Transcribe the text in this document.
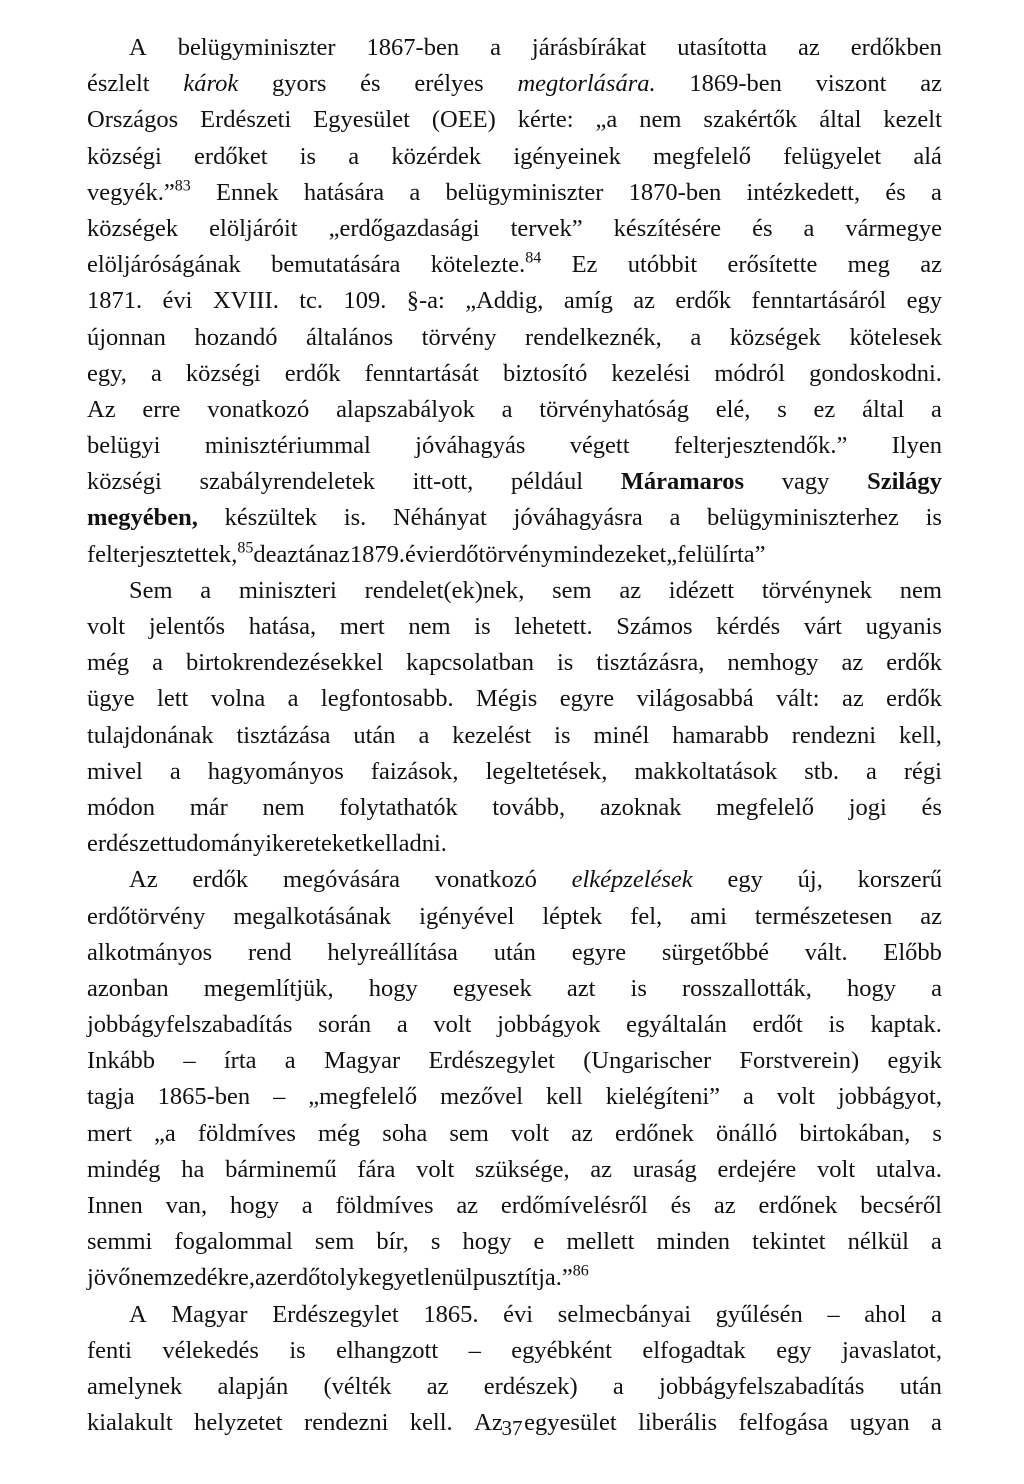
A belügyminiszter 1867-ben a járásbírákat utasította az erdőkben
észlelt károk gyors és erélyes megtorlására. 1869-ben viszont az
Országos Erdészeti Egyesület (OEE) kérte: „a nem szakértők által kezelt
községi erdőket is a közérdek igényeinek megfelelő felügyelet alá
vegyék.”$^{83}$ Ennek hatására a belügyminiszter 1870-ben intézkedett, és a
községek elöljáróit „erdőgazdasági tervek” készítésére és a vármegye
elöljáróságának bemutatására kötelezte.$^{84}$ Ez utóbbit erősítette meg az
1871. évi XVIII. tc. 109. §-a: „Addig, amíg az erdők fenntartásáról egy
újonnan hozandó általános törvény rendelkeznék, a községek kötelesek
egy, a községi erdők fenntartását biztosító kezelési módról gondoskodni.
Az erre vonatkozó alapszabályok a törvényhatóság elé, s ez által a
belügyi minisztériummal jóváhagyás végett felterjesztendők.” Ilyen
községi szabályrendeletek itt-ott, például Máramaros vagy Szilágy
megyében, készültek is. Néhányat jóváhagyásra a belügyminiszterhez is
felterjesztettek,$^{85}$ de aztán az 1879. évi erdőtörvény mindezeket „felülírta”
Sem a miniszteri rendelet(ek)nek, sem az idézett törvénynek nem
volt jelentős hatása, mert nem is lehetett. Számos kérdés várt ugyanis
még a birtokrendezésekkel kapcsolatban is tisztázásra, nemhogy az erdők
ügye lett volna a legfontosabb. Mégis egyre világosabbá vált: az erdők
tulajdonának tisztázása után a kezelést is minél hamarabb rendezni kell,
mivel a hagyományos faizások, legeltetések, makkoltatások stb. a régi
módon már nem folytathatók tovább, azoknak megfelelő jogi és
erdészettudományi kereteket kell adni.
Az erdők megóvására vonatkozó elképzelések egy új, korszerű
erdőtörvény megalkotásának igényével léptek fel, ami természetesen az
alkotmányos rend helyreállítása után egyre sürgetőbbé vált. Előbb
azonban megemlítjük, hogy egyesek azt is rosszallották, hogy a
jobbágyfelszabadítás során a volt jobbágyok egyáltalán erdőt is kaptak.
Inkább – írta a Magyar Erdészegylet (Ungarischer Forstverein) egyik
tagja 1865-ben – „megfelelő mezővel kell kielégíteni” a volt jobbágyot,
mert „a földmíves még soha sem volt az erdőnek önálló birtokában, s
mindég ha bárminemű fára volt szüksége, az uraság erdejére volt utalva.
Innen van, hogy a földmíves az erdőmívelésről és az erdőnek becséről
semmi fogalommal sem bír, s hogy e mellett minden tekintet nélkül a
jövő nemzedékre, az erdőt oly kegyetlenül pusztítja.”$^{86}$
A Magyar Erdészegylet 1865. évi selmecbányai gyűlésén – ahol a
fenti vélekedés is elhangzott – egyébként elfogadtak egy javaslatot,
amelynek alapján (vélték az erdészek) a jobbágyfelszabadítás után
kialakult helyzetet rendezni kell. Az egyesület liberális felfogása ugyan a
37
